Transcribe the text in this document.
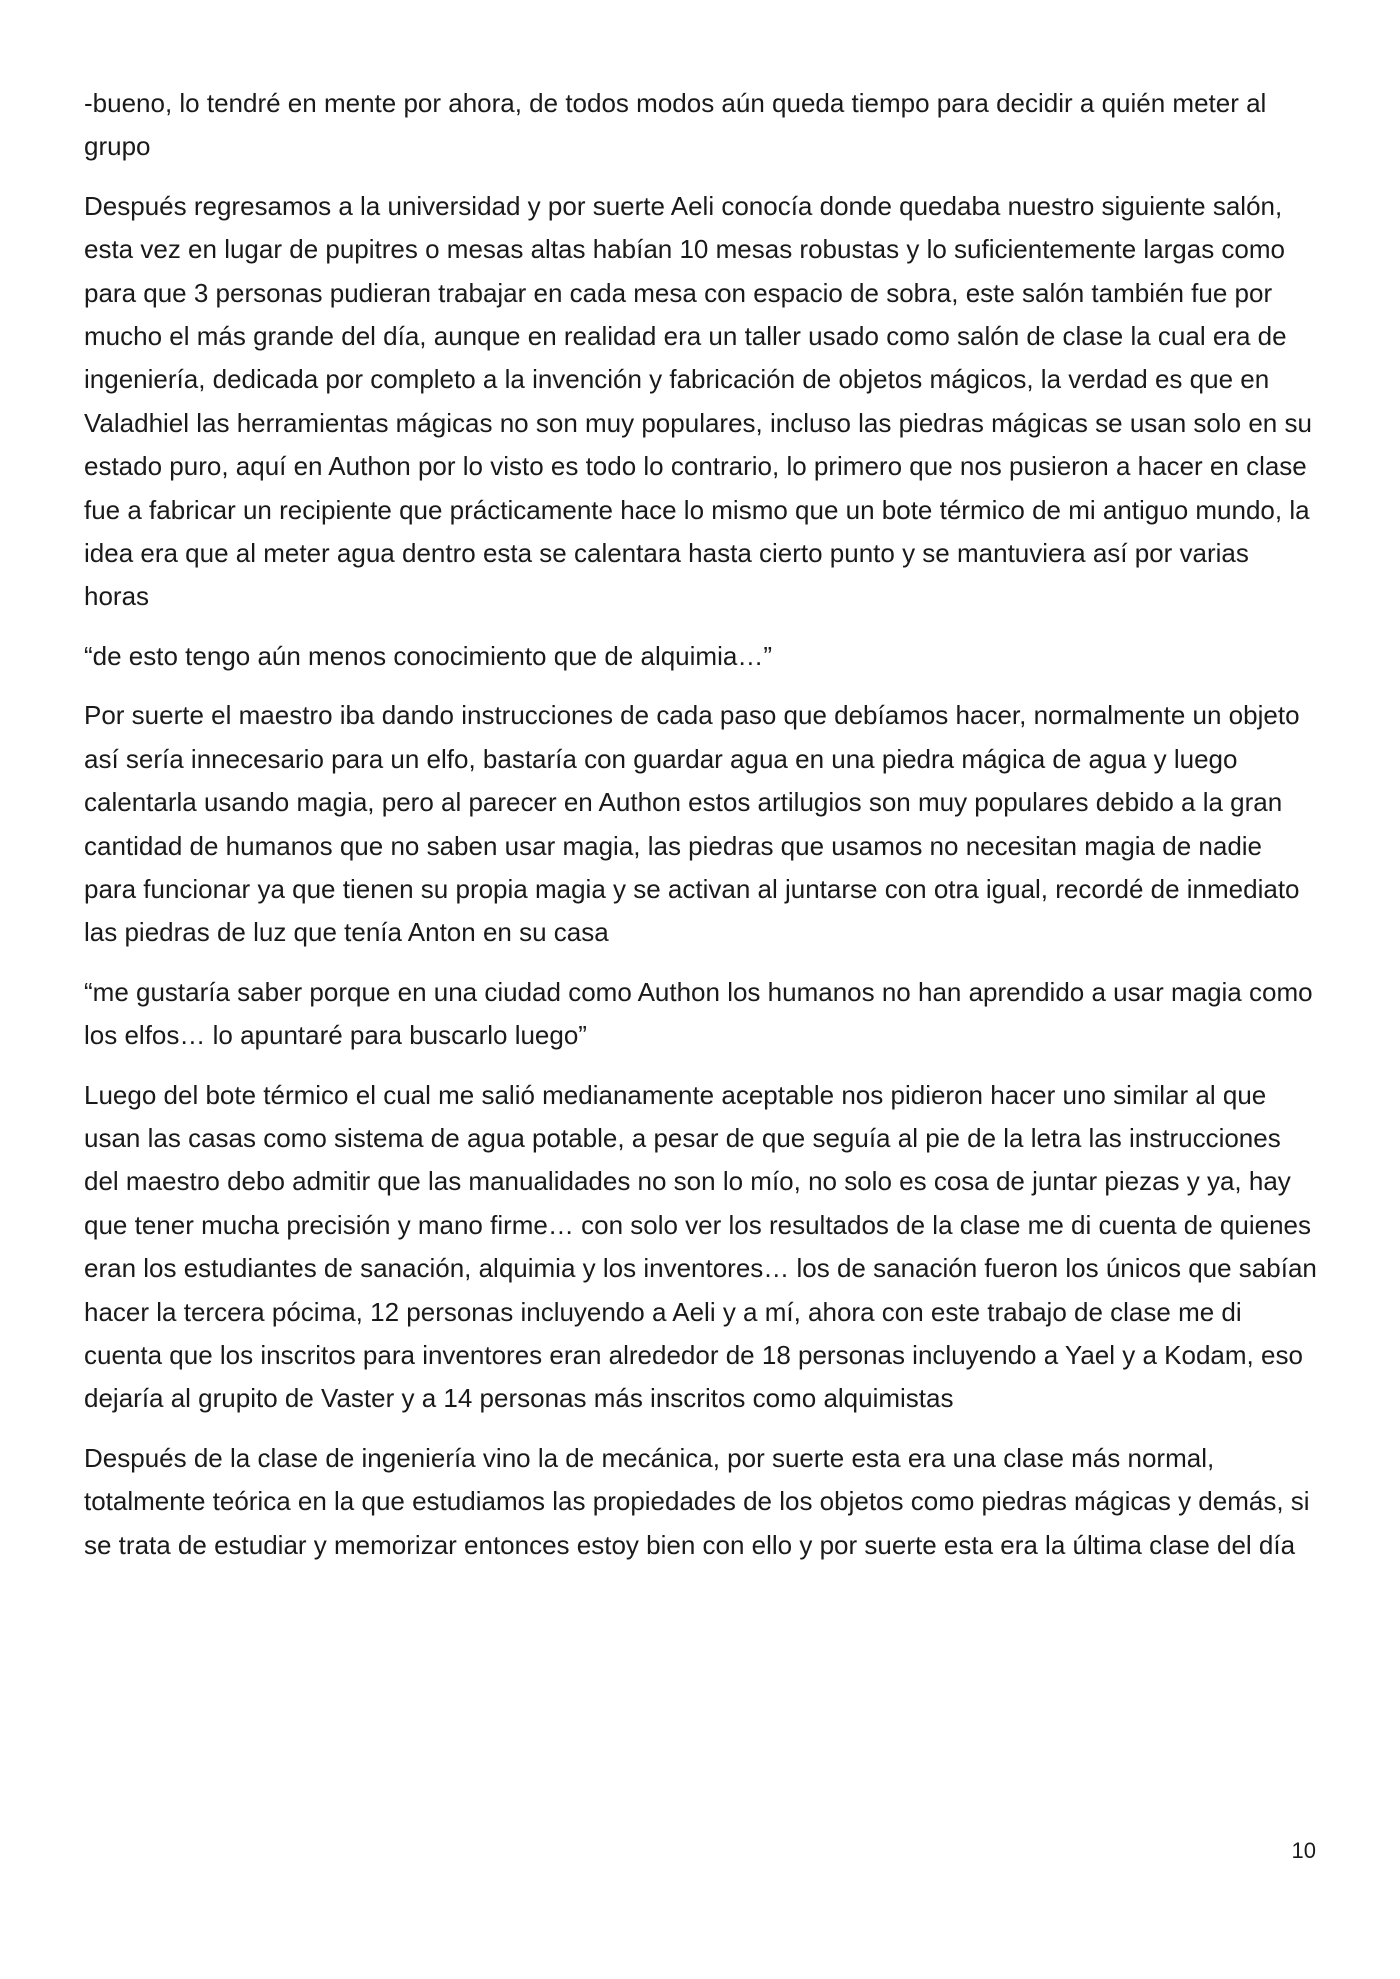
-bueno, lo tendré en mente por ahora, de todos modos aún queda tiempo para decidir a quién meter al grupo

Después regresamos a la universidad y por suerte Aeli conocía donde quedaba nuestro siguiente salón, esta vez en lugar de pupitres o mesas altas habían 10 mesas robustas y lo suficientemente largas como para que 3 personas pudieran trabajar en cada mesa con espacio de sobra, este salón también fue por mucho el más grande del día, aunque en realidad era un taller usado como salón de clase la cual era de ingeniería, dedicada por completo a la invención y fabricación de objetos mágicos, la verdad es que en Valadhiel las herramientas mágicas no son muy populares, incluso las piedras mágicas se usan solo en su estado puro, aquí en Authon por lo visto es todo lo contrario, lo primero que nos pusieron a hacer en clase fue a fabricar un recipiente que prácticamente hace lo mismo que un bote térmico de mi antiguo mundo, la idea era que al meter agua dentro esta se calentara hasta cierto punto y se mantuviera así por varias horas

“de esto tengo aún menos conocimiento que de alquimia…”

Por suerte el maestro iba dando instrucciones de cada paso que debíamos hacer, normalmente un objeto así sería innecesario para un elfo, bastaría con guardar agua en una piedra mágica de agua y luego calentarla usando magia, pero al parecer en Authon estos artilugios son muy populares debido a la gran cantidad de humanos que no saben usar magia, las piedras que usamos no necesitan magia de nadie para funcionar ya que tienen su propia magia y se activan al juntarse con otra igual, recordé de inmediato las piedras de luz que tenía Anton en su casa

“me gustaría saber porque en una ciudad como Authon los humanos no han aprendido a usar magia como los elfos… lo apuntaré para buscarlo luego”

Luego del bote térmico el cual me salió medianamente aceptable nos pidieron hacer uno similar al que usan las casas como sistema de agua potable, a pesar de que seguía al pie de la letra las instrucciones del maestro debo admitir que las manualidades no son lo mío, no solo es cosa de juntar piezas y ya, hay que tener mucha precisión y mano firme… con solo ver los resultados de la clase me di cuenta de quienes eran los estudiantes de sanación, alquimia y los inventores… los de sanación fueron los únicos que sabían hacer la tercera pócima, 12 personas incluyendo a Aeli y a mí, ahora con este trabajo de clase me di cuenta que los inscritos para inventores eran alrededor de 18 personas incluyendo a Yael y a Kodam, eso dejaría al grupito de Vaster y a 14 personas más inscritos como alquimistas

Después de la clase de ingeniería vino la de mecánica, por suerte esta era una clase más normal, totalmente teórica en la que estudiamos las propiedades de los objetos como piedras mágicas y demás, si se trata de estudiar y memorizar entonces estoy bien con ello y por suerte esta era la última clase del día

10
